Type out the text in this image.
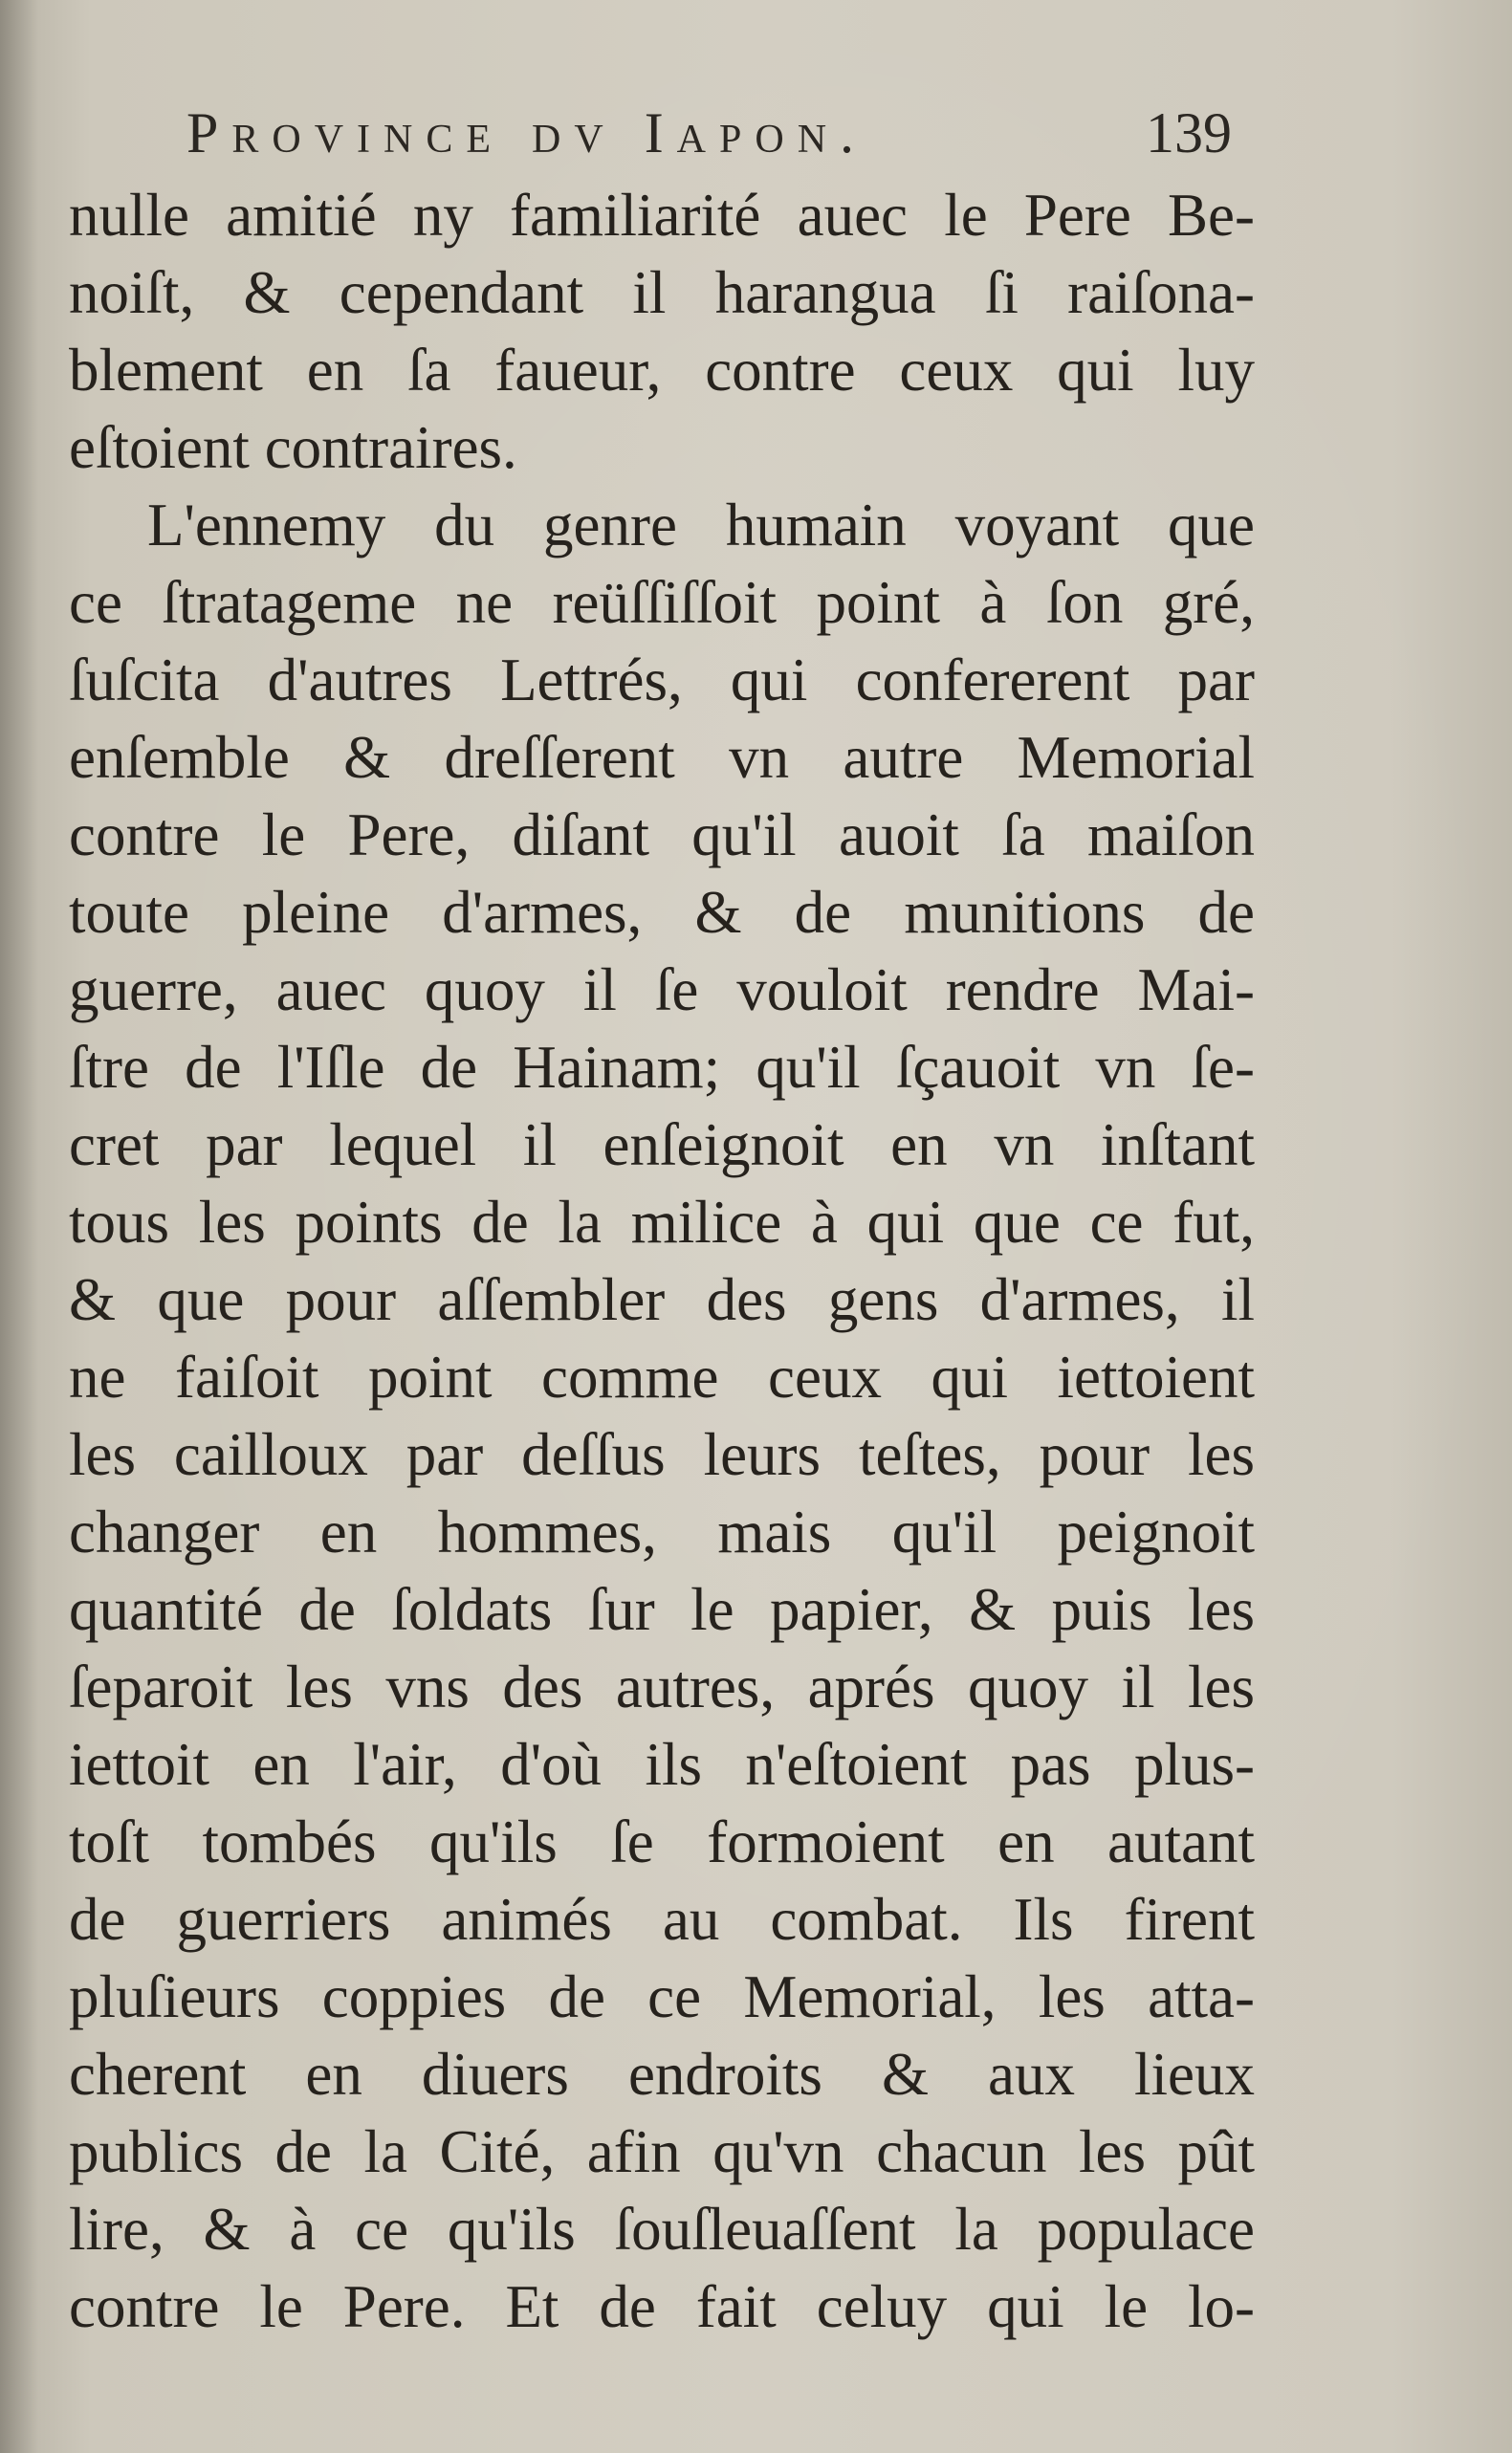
Province dv Iapon.	139
nulle amitié ny familiarité auec le Pere Be-
noiſt, & cependant il harangua ſi raiſona-
blement en ſa faueur, contre ceux qui luy
eſtoient contraires.
L'ennemy du genre humain voyant que
ce ſtratageme ne reüſſiſſoit point à ſon gré,
ſuſcita d'autres Lettrés, qui confererent par
enſemble & dreſſerent vn autre Memorial
contre le Pere, diſant qu'il auoit ſa maiſon
toute pleine d'armes, & de munitions de
guerre, auec quoy il ſe vouloit rendre Mai-
ſtre de l'Iſle de Hainam; qu'il ſçauoit vn ſe-
cret par lequel il enſeignoit en vn inſtant
tous les points de la milice à qui que ce fut,
& que pour aſſembler des gens d'armes, il
ne faiſoit point comme ceux qui iettoient
les cailloux par deſſus leurs teſtes, pour les
changer en hommes, mais qu'il peignoit
quantité de ſoldats ſur le papier, & puis les
ſeparoit les vns des autres, aprés quoy il les
iettoit en l'air, d'où ils n'eſtoient pas plus-
toſt tombés qu'ils ſe formoient en autant
de guerriers animés au combat. Ils firent
pluſieurs coppies de ce Memorial, les atta-
cherent en diuers endroits & aux lieux
publics de la Cité, afin qu'vn chacun les pût
lire, & à ce qu'ils ſouſleuaſſent la populace
contre le Pere. Et de fait celuy qui le lo-
